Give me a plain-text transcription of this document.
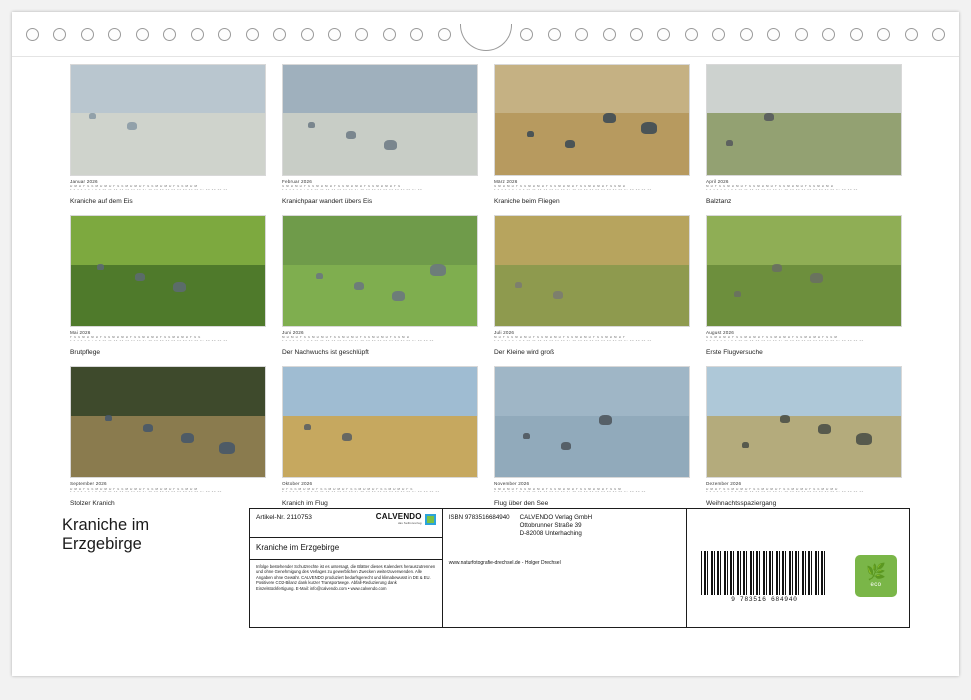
Januar 2026
D M D F S S M D M D F S S M D M D F S S M D M D F S S M D M
1 2 3 4 5 6 7 8 9 10 11 12 13 14 15 16 17 18 19 20 21 22 23 24 25 26 27 28 29 30 31
Kraniche auf dem Eis
Februar 2026
S M D M D F S S M D M D F S S M D M D F S S M D M D F S
1 2 3 4 5 6 7 8 9 10 11 12 13 14 15 16 17 18 19 20 21 22 23 24 25 26 27 28
Kranichpaar wandert übers Eis
März 2026
S M D M D F S S M D M D F S S M D M D F S S M D M D F S S M D
1 2 3 4 5 6 7 8 9 10 11 12 13 14 15 16 17 18 19 20 21 22 23 24 25 26 27 28 29 30 31
Kraniche beim Fliegen
April 2026
M D F S S M D M D F S S M D M D F S S M D M D F S S M D M D
1 2 3 4 5 6 7 8 9 10 11 12 13 14 15 16 17 18 19 20 21 22 23 24 25 26 27 28 29 30
Balztanz
Mai 2026
F S S M D M D F S S M D M D F S S M D M D F S S M D M D F S S
1 2 3 4 5 6 7 8 9 10 11 12 13 14 15 16 17 18 19 20 21 22 23 24 25 26 27 28 29 30 31
Brutpflege
Juni 2026
M D M D F S S M D M D F S S M D M D F S S M D M D F S S M D
1 2 3 4 5 6 7 8 9 10 11 12 13 14 15 16 17 18 19 20 21 22 23 24 25 26 27 28 29 30
Der Nachwuchs ist geschlüpft
Juli 2026
M D F S S M D M D F S S M D M D F S S M D M D F S S M D M D F
1 2 3 4 5 6 7 8 9 10 11 12 13 14 15 16 17 18 19 20 21 22 23 24 25 26 27 28 29 30 31
Der Kleine wird groß
August 2026
S S M D M D F S S M D M D F S S M D M D F S S M D M D F S S M
1 2 3 4 5 6 7 8 9 10 11 12 13 14 15 16 17 18 19 20 21 22 23 24 25 26 27 28 29 30 31
Erste Flugversuche
September 2026
D M D F S S M D M D F S S M D M D F S S M D M D F S S M D M
1 2 3 4 5 6 7 8 9 10 11 12 13 14 15 16 17 18 19 20 21 22 23 24 25 26 27 28 29 30
Stolzer Kranich
Oktober 2026
D F S S M D M D F S S M D M D F S S M D M D F S S M D M D F S
1 2 3 4 5 6 7 8 9 10 11 12 13 14 15 16 17 18 19 20 21 22 23 24 25 26 27 28 29 30 31
Kranich im Flug
November 2026
S M D M D F S S M D M D F S S M D M D F S S M D M D F S S M
1 2 3 4 5 6 7 8 9 10 11 12 13 14 15 16 17 18 19 20 21 22 23 24 25 26 27 28 29 30
Flug über den See
Dezember 2026
D M D F S S M D M D F S S M D M D F S S M D M D F S S M D M D
1 2 3 4 5 6 7 8 9 10 11 12 13 14 15 16 17 18 19 20 21 22 23 24 25 26 27 28 29 30 31
Weihnachtsspaziergang
Kraniche im
Erzgebirge
Artikel-Nr. 2110753	CALVENDO
das Selbstverlag
Kraniche im Erzgebirge
Infolge bestehender Schutzrechte ist es untersagt, die Blätter dieses Kalenders herauszutrennen und ohne Genehmigung des Verlages zu gewerblichen Zwecken weiterzuverwenden. Alle Angaben ohne Gewähr. CALVENDO produziert bedarfsgerecht und klimabewusst in DE & EU. Positivere CO2-Bilanz dank kurzer Transportwege. Abfall-Reduzierung dank Einzelstückfertigung. E-Mail: info@calvendo.com • www.calvendo.com
ISBN 9783516684940 CALVENDO Verlag GmbH
Ottobrunner Straße 39
D-82008 Unterhaching
www.naturfotografie-drechsel.de - Holger Drechsel
9 783516 684940
🌿
eco
